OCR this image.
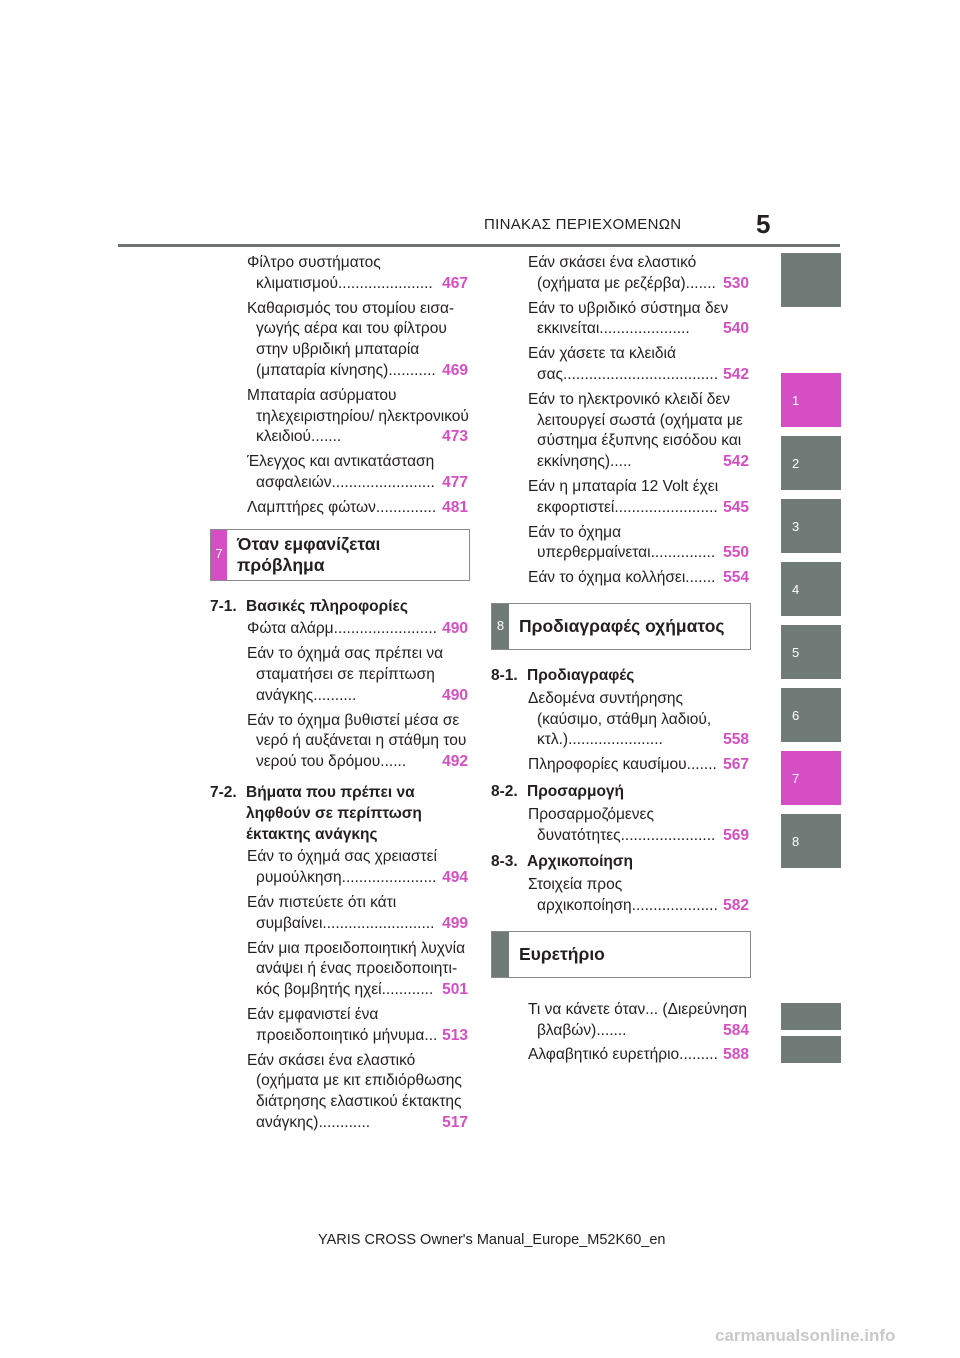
ΠΙΝΑΚΑΣ ΠΕΡΙΕΧΟΜΕΝΩΝ	5
1
2
3
4
5
6
7
8
Φίλτρο συστήματος κλιματισμού...................... 467
Καθαρισμός του στομίου εισαγωγής αέρα και του φίλτρου στην υβριδική μπαταρία (μπαταρία κίνησης)........... 469
Μπαταρία ασύρματου τηλεχειριστηρίου/ ηλεκτρονικού κλειδιού.......	473
Έλεγχος και αντικατάσταση ασφαλειών........................ 477
Λαμπτήρες φώτων.............. 481
7
Όταν εμφανίζεται πρόβλημα
7-1. Βασικές πληροφορίες
Φώτα αλάρμ........................ 490
Εάν το όχημά σας πρέπει να σταματήσει σε περίπτωση ανάγκης..........	490
Εάν το όχημα βυθιστεί μέσα σε νερό ή αυξάνεται η στάθμη του νερού του δρόμου...... 492
7-2. Βήματα που πρέπει να ληφθούν σε περίπτωση έκτακτης ανάγκης
Εάν το όχημά σας χρειαστεί ρυμούλκηση...................... 494
Εάν πιστεύετε ότι κάτι συμβαίνει.......................... 499
Εάν μια προειδοποιητική λυχνία ανάψει ή ένας προειδοποιητικός βομβητής ηχεί............ 501
Εάν εμφανιστεί ένα προειδοποιητικό μήνυμα... 513
Εάν σκάσει ένα ελαστικό (οχήματα με κιτ επιδιόρθωσης διάτρησης ελαστικού έκτακτης ανάγκης)............	517
Εάν σκάσει ένα ελαστικό (οχήματα με ρεζέρβα)....... 530
Εάν το υβριδικό σύστημα δεν εκκινείται..................... 540
Εάν χάσετε τα κλειδιά σας.................................... 542
Εάν το ηλεκτρονικό κλειδί δεν λειτουργεί σωστά (οχήματα με σύστημα έξυπνης εισόδου και εκκίνησης).....	542
Εάν η μπαταρία 12 Volt έχει εκφορτιστεί........................ 545
Εάν το όχημα υπερθερμαίνεται............... 550
Εάν το όχημα κολλήσει....... 554
8 Προδιαγραφές οχήματος
8-1. Προδιαγραφές
Δεδομένα συντήρησης (καύσιμο, στάθμη λαδιού, κτλ.)......................	558
Πληροφορίες καυσίμου....... 567
8-2. Προσαρμογή
Προσαρμοζόμενες δυνατότητες...................... 569
8-3. Αρχικοποίηση
Στοιχεία προς αρχικοποίηση.................... 582
Ευρετήριο
Τι να κάνετε όταν... (Διερεύνηση βλαβών).......	584
Αλφαβητικό ευρετήριο......... 588
YARIS CROSS Owner's Manual_Europe_M52K60_en
carmanualsonline.info
